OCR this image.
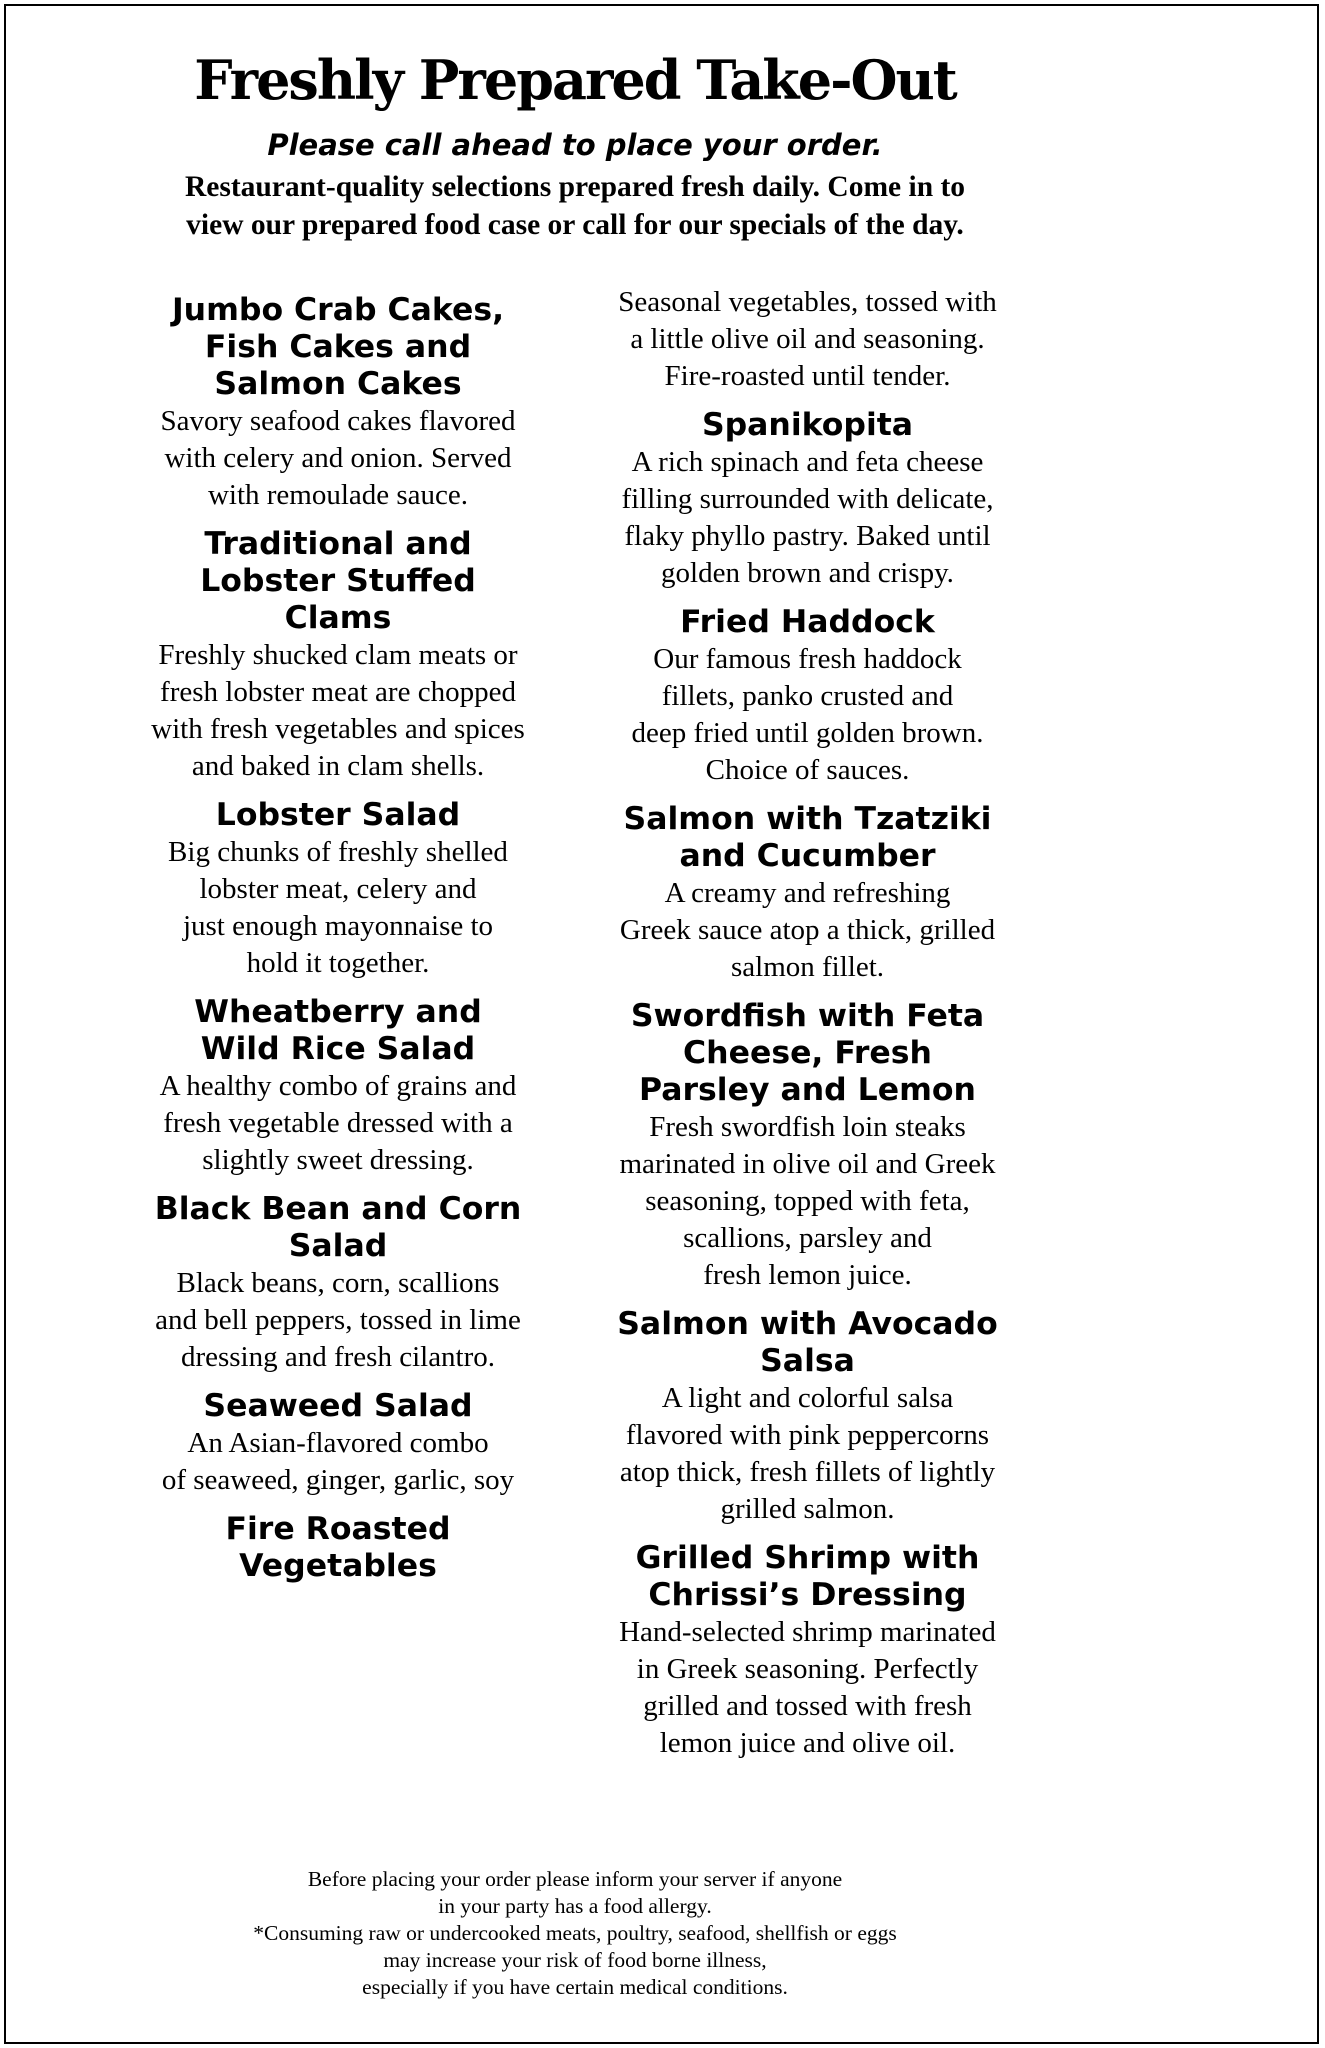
Freshly Prepared Take-Out

Please call ahead to place your order.

Restaurant-quality selections prepared fresh daily. Come in to
view our prepared food case or call for our specials of the day.
Jumbo Crab Cakes,
Fish Cakes and
Salmon Cakes
Savory seafood cakes flavored
with celery and onion. Served
with remoulade sauce.
Traditional and
Lobster Stuffed
Clams
Freshly shucked clam meats or
fresh lobster meat are chopped
with fresh vegetables and spices
and baked in clam shells.
Lobster Salad
Big chunks of freshly shelled
lobster meat, celery and
just enough mayonnaise to
hold it together.
Wheatberry and
Wild Rice Salad
A healthy combo of grains and
fresh vegetable dressed with a
slightly sweet dressing.
Black Bean and Corn
Salad
Black beans, corn, scallions
and bell peppers, tossed in lime
dressing and fresh cilantro.
Seaweed Salad
An Asian-flavored combo
of seaweed, ginger, garlic, soy
Fire Roasted
Vegetables
Seasonal vegetables, tossed with
a little olive oil and seasoning.
Fire-roasted until tender.
Spanikopita
A rich spinach and feta cheese
filling surrounded with delicate,
flaky phyllo pastry. Baked until
golden brown and crispy.
Fried Haddock
Our famous fresh haddock
fillets, panko crusted and
deep fried until golden brown.
Choice of sauces.
Salmon with Tzatziki
and Cucumber
A creamy and refreshing
Greek sauce atop a thick, grilled
salmon fillet.
Swordfish with Feta
Cheese, Fresh
Parsley and Lemon
Fresh swordfish loin steaks
marinated in olive oil and Greek
seasoning, topped with feta,
scallions, parsley and
fresh lemon juice.
Salmon with Avocado
Salsa
A light and colorful salsa
flavored with pink peppercorns
atop thick, fresh fillets of lightly
grilled salmon.
Grilled Shrimp with
Chrissi’s Dressing
Hand-selected shrimp marinated
in Greek seasoning. Perfectly
grilled and tossed with fresh
lemon juice and olive oil.

Before placing your order please inform your server if anyone

in your party has a food allergy.

*Consuming raw or undercooked meats, poultry, seafood, shellfish or eggs

may increase your risk of food borne illness,

especially if you have certain medical conditions.
